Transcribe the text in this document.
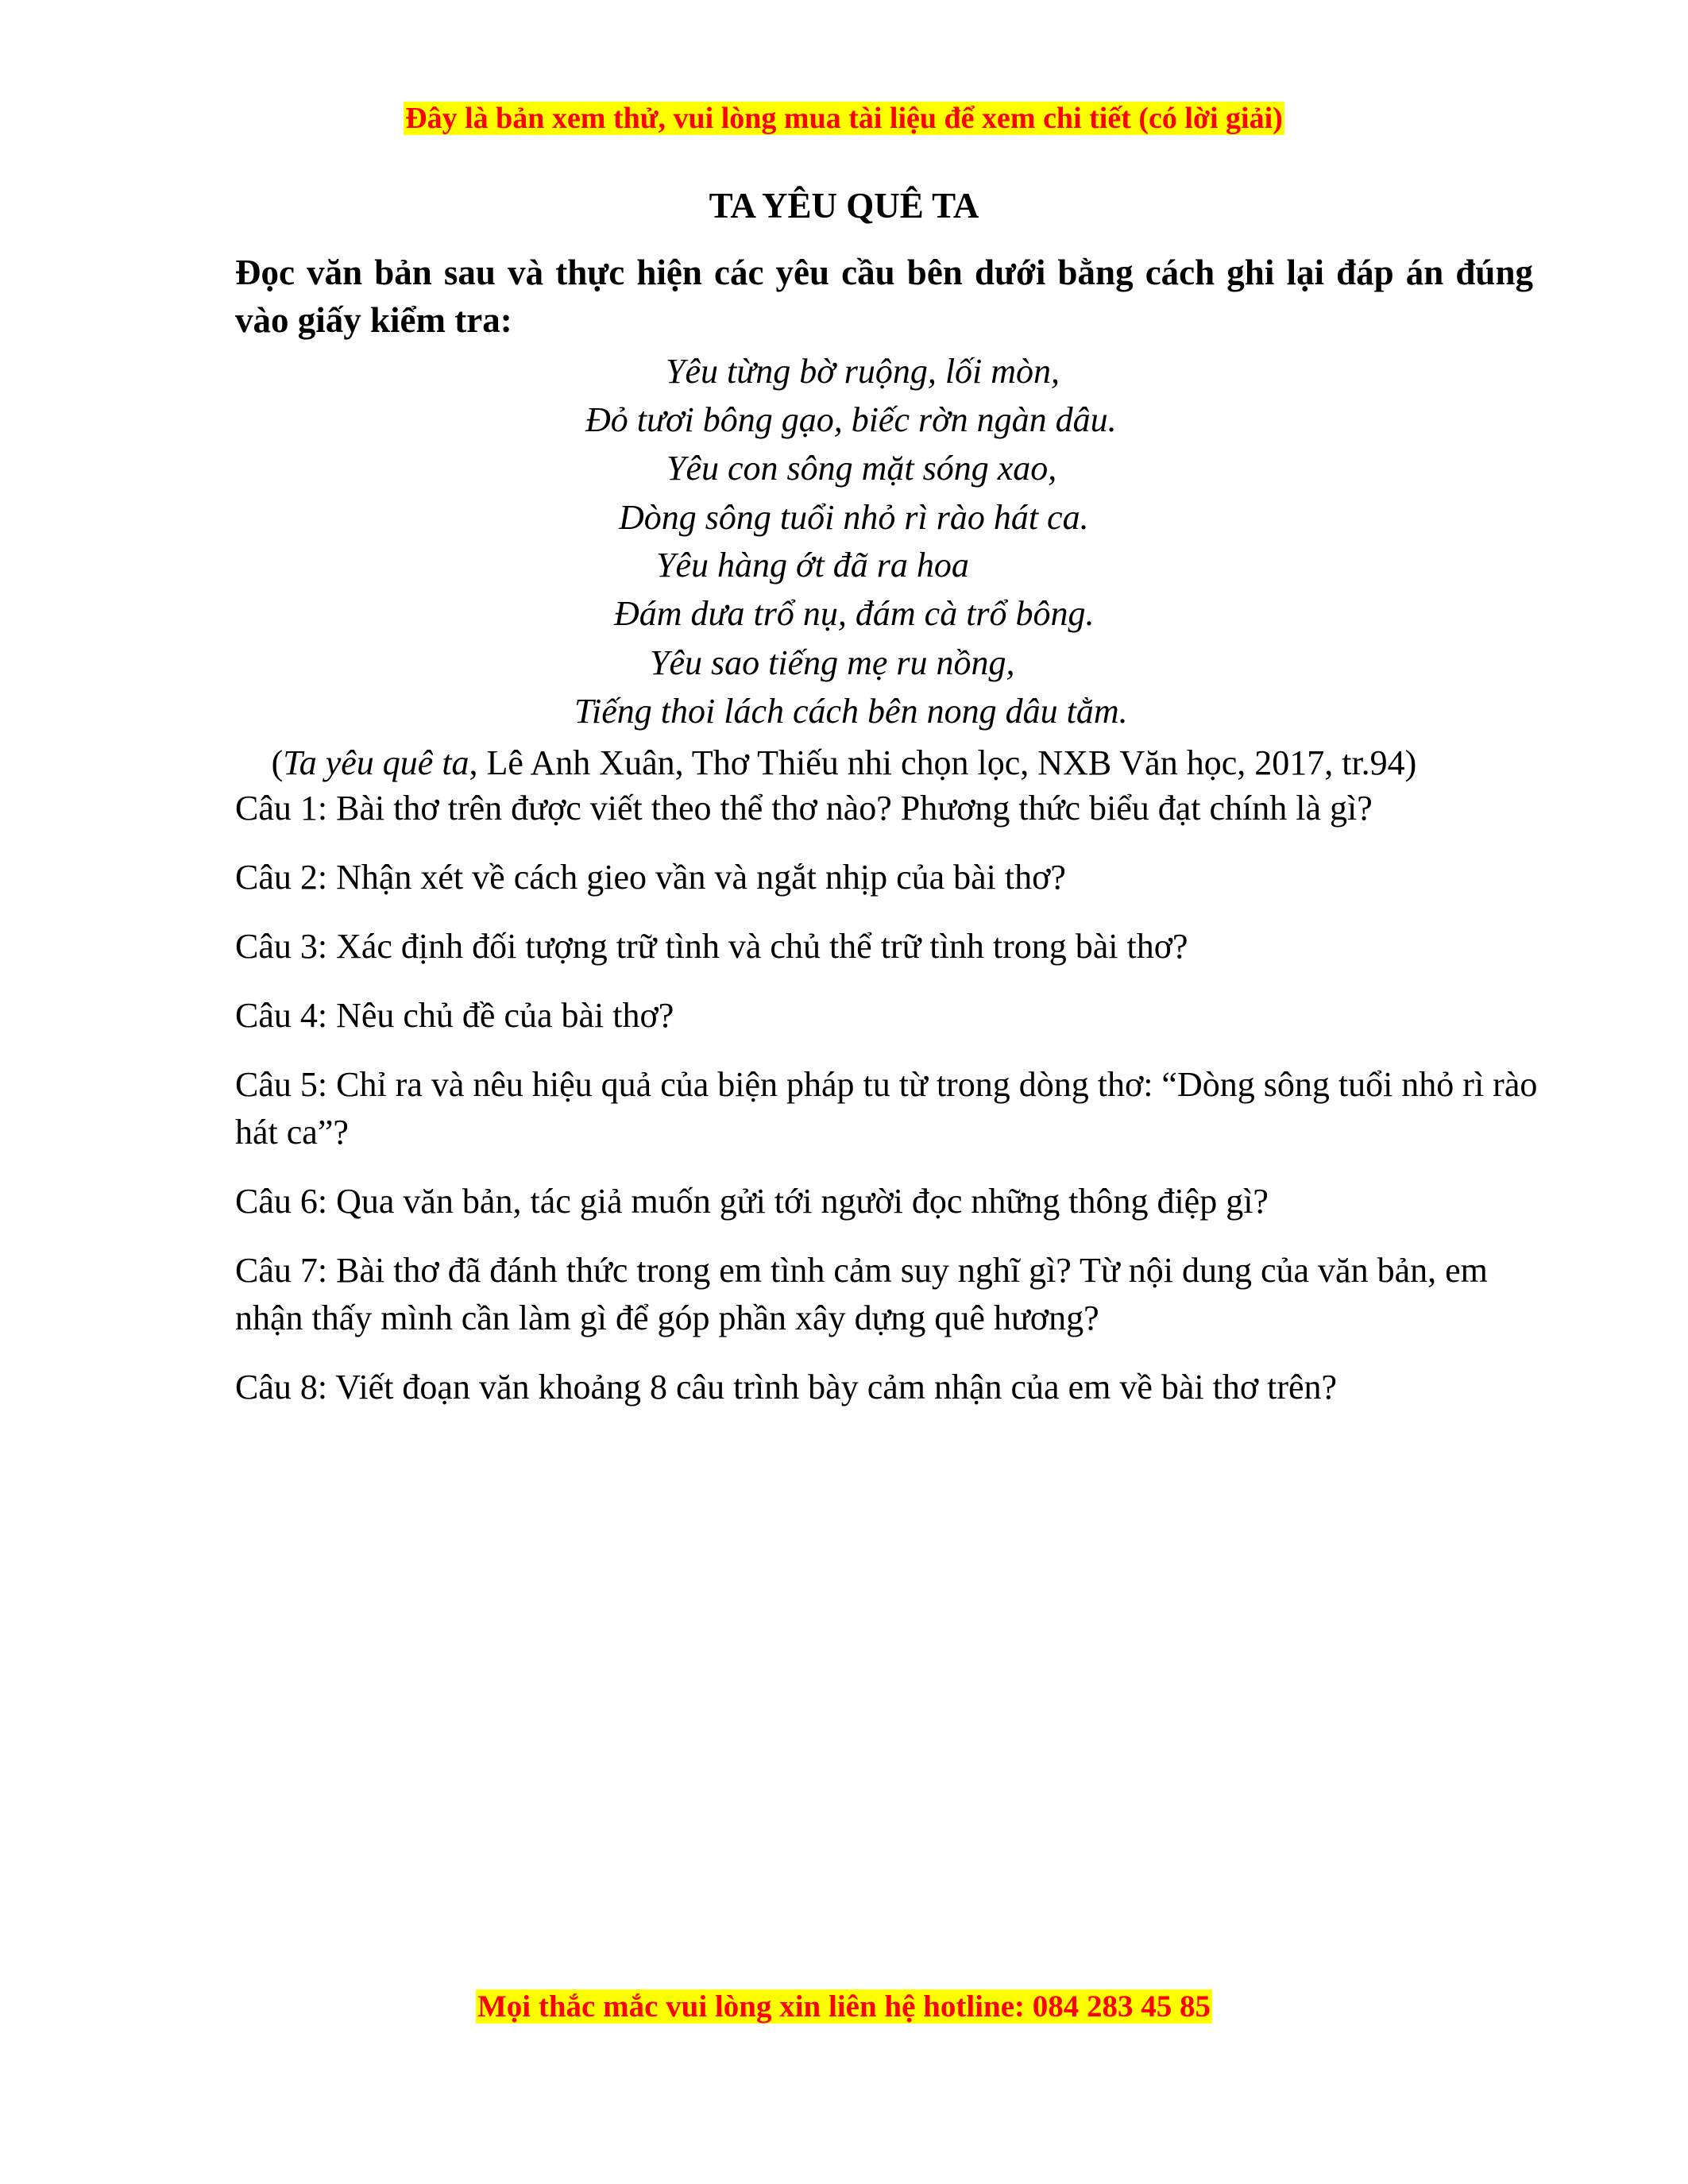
Đây là bản xem thử, vui lòng mua tài liệu để xem chi tiết (có lời giải)
TA YÊU QUÊ TA
Đọc văn bản sau và thực hiện các yêu cầu bên dưới bằng cách ghi lại đáp án đúng vào giấy kiểm tra:
Yêu từng bờ ruộng, lối mòn,
Đỏ tươi bông gạo, biếc rờn ngàn dâu.
Yêu con sông mặt sóng xao,
Dòng sông tuổi nhỏ rì rào hát ca.
Yêu hàng ớt đã ra hoa
Đám dưa trổ nụ, đám cà trổ bông.
Yêu sao tiếng mẹ ru nồng,
Tiếng thoi lách cách bên nong dâu tằm.
(Ta yêu quê ta, Lê Anh Xuân, Thơ Thiếu nhi chọn lọc, NXB Văn học, 2017, tr.94)
Câu 1: Bài thơ trên được viết theo thể thơ nào? Phương thức biểu đạt chính là gì?
Câu 2: Nhận xét về cách gieo vần và ngắt nhịp của bài thơ?
Câu 3: Xác định đối tượng trữ tình và chủ thể trữ tình trong bài thơ?
Câu 4: Nêu chủ đề của bài thơ?
Câu 5: Chỉ ra và nêu hiệu quả của biện pháp tu từ trong dòng thơ: “Dòng sông tuổi nhỏ rì rào hát ca”?
Câu 6: Qua văn bản, tác giả muốn gửi tới người đọc những thông điệp gì?
Câu 7: Bài thơ đã đánh thức trong em tình cảm suy nghĩ gì? Từ nội dung của văn bản, em nhận thấy mình cần làm gì để góp phần xây dựng quê hương?
Câu 8: Viết đoạn văn khoảng 8 câu trình bày cảm nhận của em về bài thơ trên?
Mọi thắc mắc vui lòng xin liên hệ hotline: 084 283 45 85
